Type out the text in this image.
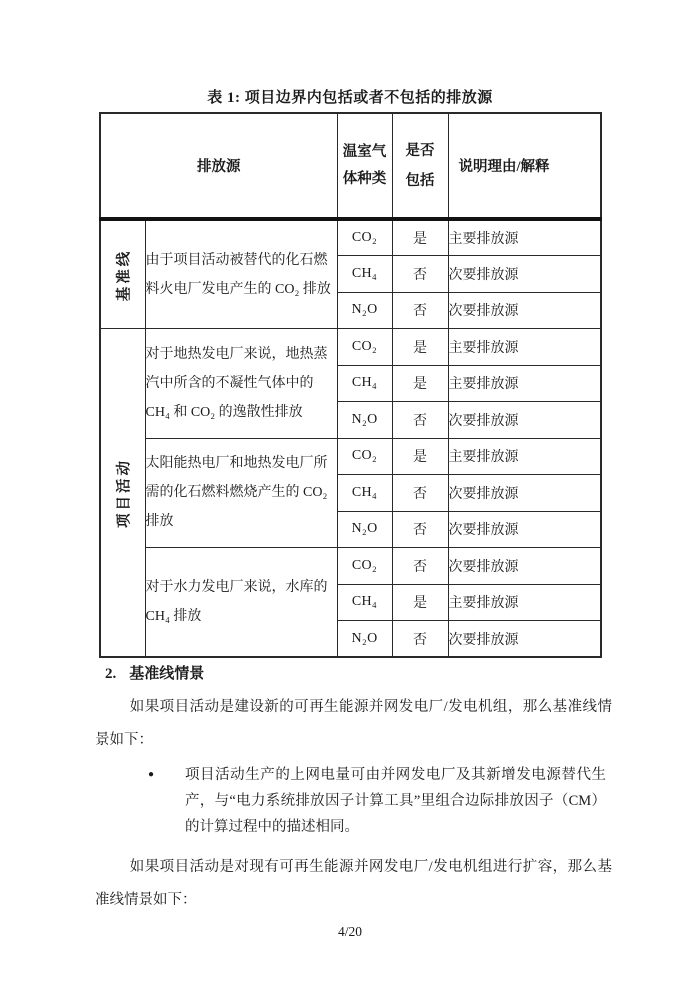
表 1: 项目边界内包括或者不包括的排放源
排放源		温室气体种类	是否包括	说明理由/解释

基准线	由于项目活动被替代的化石燃料火电厂发电产生的 CO₂ 排放	CO₂	是	主要排放源
		CH₄	否	次要排放源
		N₂O	否	次要排放源

项目活动	对于地热发电厂来说，地热蒸汽中所含的不凝性气体中的 CH₄ 和 CO₂ 的逸散性排放	CO₂	是	主要排放源
		CH₄	是	主要排放源
		N₂O	否	次要排放源
	太阳能热电厂和地热发电厂所需的化石燃料燃烧产生的 CO₂ 排放	CO₂	是	主要排放源
		CH₄	否	次要排放源
		N₂O	否	次要排放源
	对于水力发电厂来说，水库的 CH₄ 排放	CO₂	否	次要排放源
		CH₄	是	主要排放源
		N₂O	否	次要排放源
2. 基准线情景

如果项目活动是建设新的可再生能源并网发电厂/发电机组，那么基准线情景如下：

●	项目活动生产的上网电量可由并网发电厂及其新增发电源替代生产，与“电力系统排放因子计算工具”里组合边际排放因子（CM）的计算过程中的描述相同。

如果项目活动是对现有可再生能源并网发电厂/发电机组进行扩容，那么基准线情景如下：

4/20
